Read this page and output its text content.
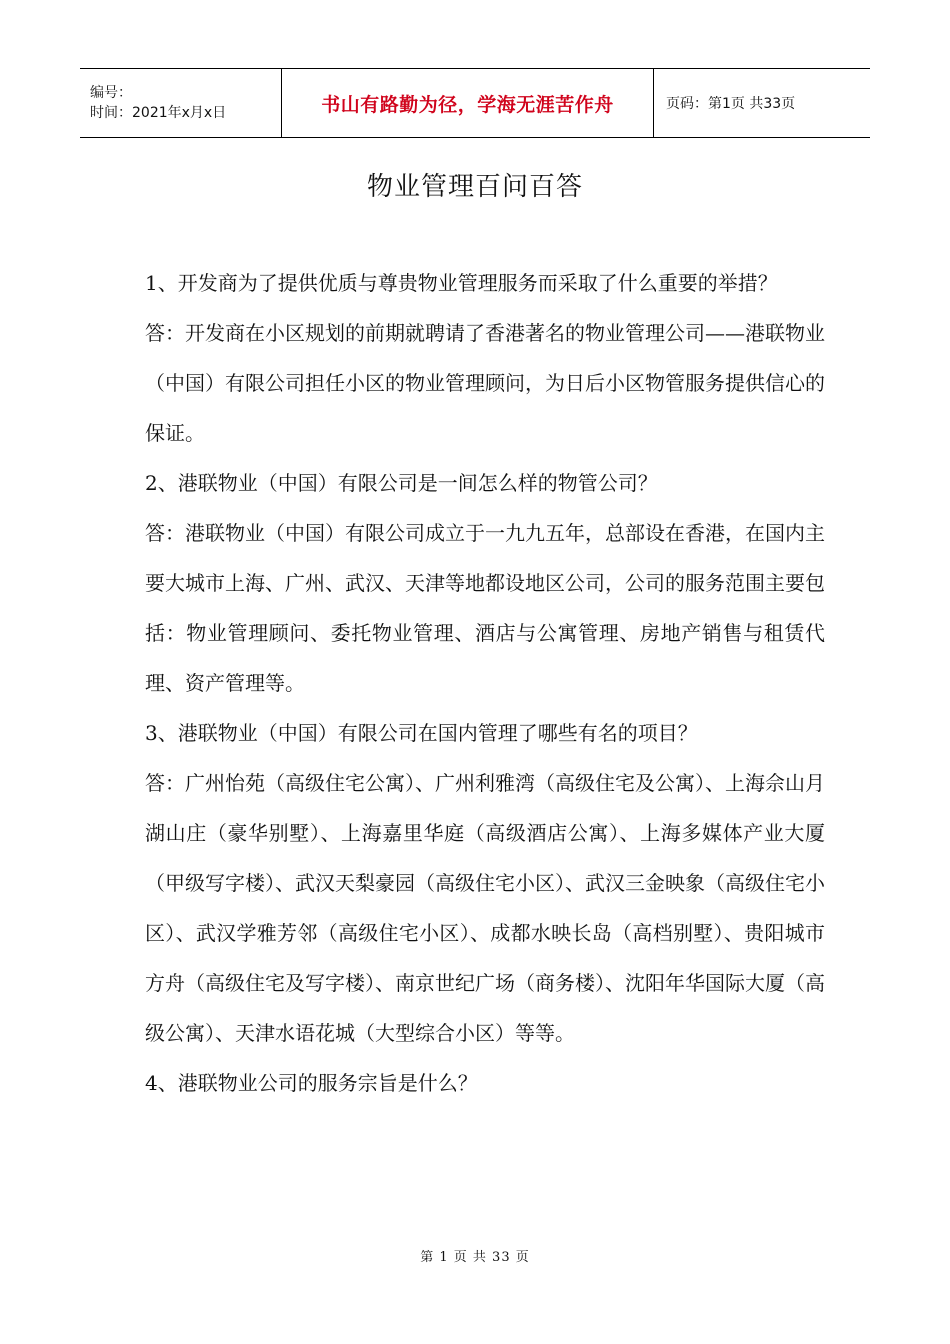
编号：
时间：2021年x月x日	书山有路勤为径，学海无涯苦作舟	页码：第1页 共33页
物业管理百问百答

1、开发商为了提供优质与尊贵物业管理服务而采取了什么重要的举措？

答：开发商在小区规划的前期就聘请了香港著名的物业管理公司——港联物业（中国）有限公司担任小区的物业管理顾问，为日后小区物管服务提供信心的保证。

2、港联物业（中国）有限公司是一间怎么样的物管公司？

答：港联物业（中国）有限公司成立于一九九五年，总部设在香港，在国内主要大城市上海、广州、武汉、天津等地都设地区公司，公司的服务范围主要包括：物业管理顾问、委托物业管理、酒店与公寓管理、房地产销售与租赁代理、资产管理等。

3、港联物业（中国）有限公司在国内管理了哪些有名的项目？

答：广州怡苑（高级住宅公寓）、广州利雅湾（高级住宅及公寓）、上海佘山月湖山庄（豪华别墅）、上海嘉里华庭（高级酒店公寓）、上海多媒体产业大厦（甲级写字楼）、武汉天梨豪园（高级住宅小区）、武汉三金映象（高级住宅小区）、武汉学雅芳邻（高级住宅小区）、成都水映长岛（高档别墅）、贵阳城市方舟（高级住宅及写字楼）、南京世纪广场（商务楼）、沈阳年华国际大厦（高级公寓）、天津水语花城（大型综合小区）等等。

4、港联物业公司的服务宗旨是什么？

第 1 页 共 33 页
